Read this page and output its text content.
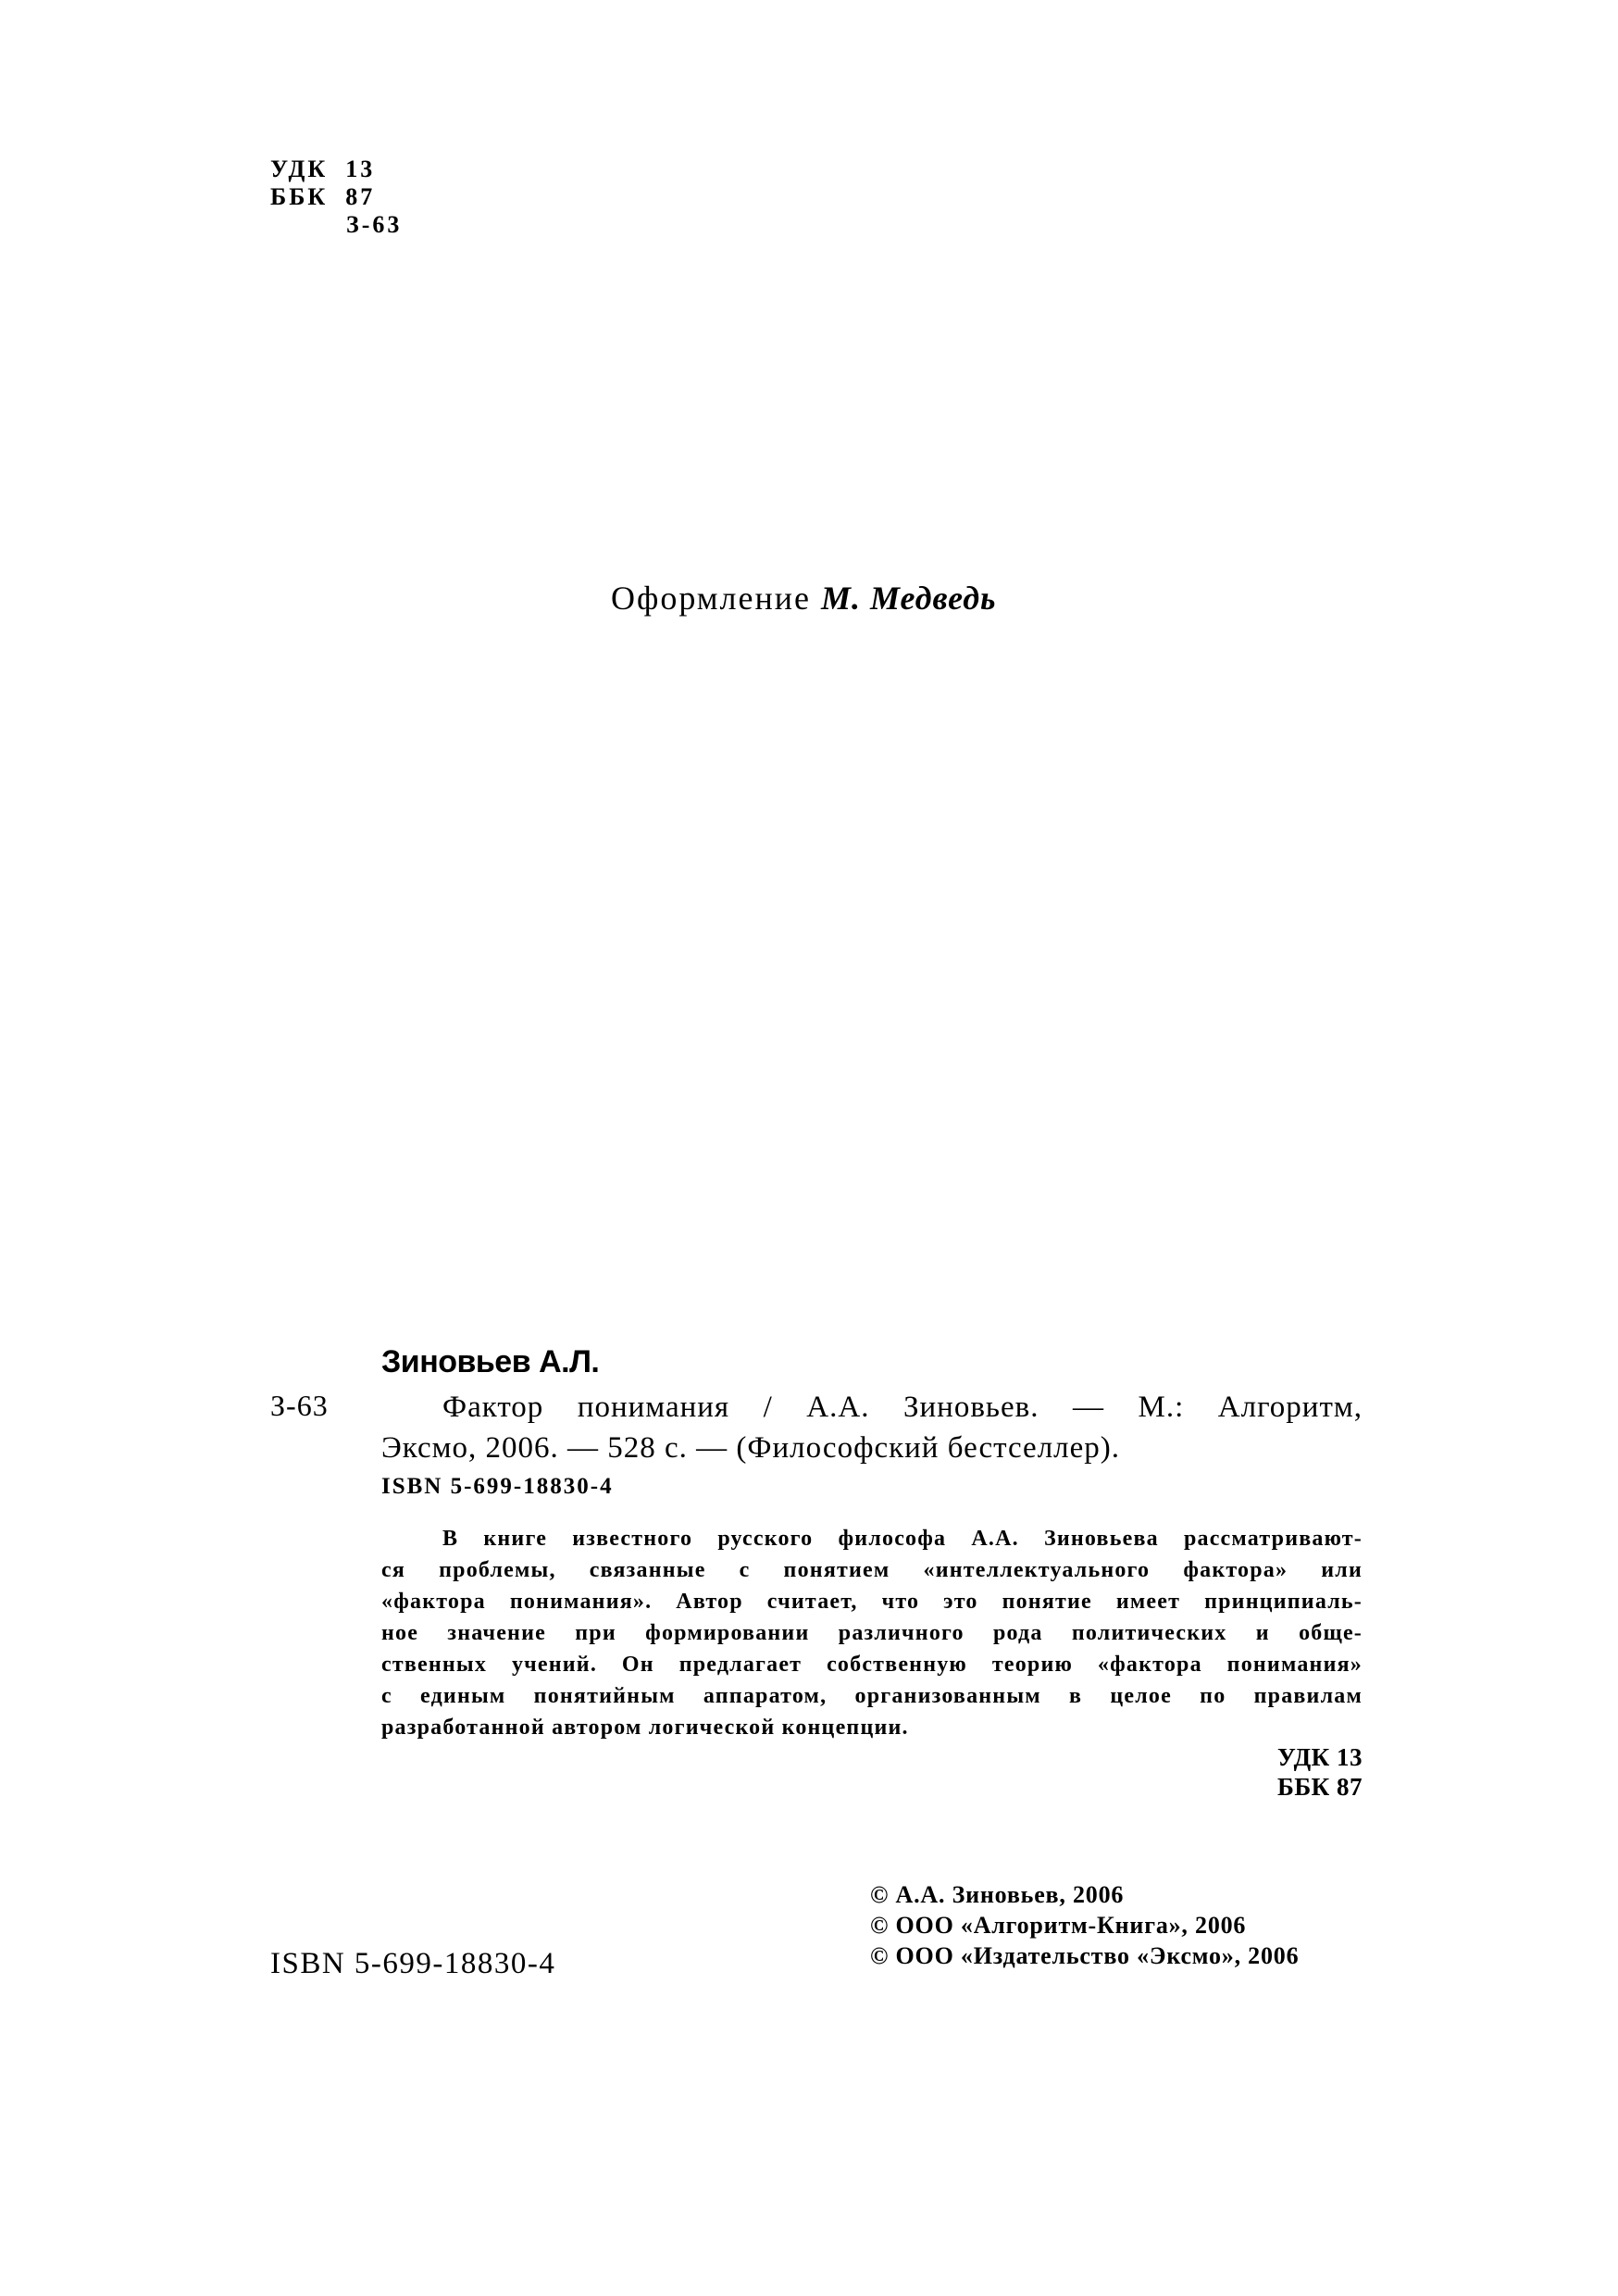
УДК  13
ББК  87
З-63
Оформление М. Медведь
Зиновьев А.Л.
З-63	Фактор понимания / А.А. Зиновьев. — М.: Алгоритм,
Эксмо, 2006. — 528 с. — (Философский бестселлер).
ISBN 5-699-18830-4
В книге известного русского философа А.А. Зиновьева рассматривают-
ся проблемы, связанные с понятием «интеллектуального фактора» или
«фактора понимания». Автор считает, что это понятие имеет принципиаль-
ное значение при формировании различного рода политических и обще-
ственных учений. Он предлагает собственную теорию «фактора понимания»
с единым понятийным аппаратом, организованным в целое по правилам
разработанной автором логической концепции.
УДК 13
ББК 87
ISBN 5-699-18830-4
© А.А. Зиновьев, 2006
© ООО «Алгоритм-Книга», 2006
© ООО «Издательство «Эксмо», 2006
